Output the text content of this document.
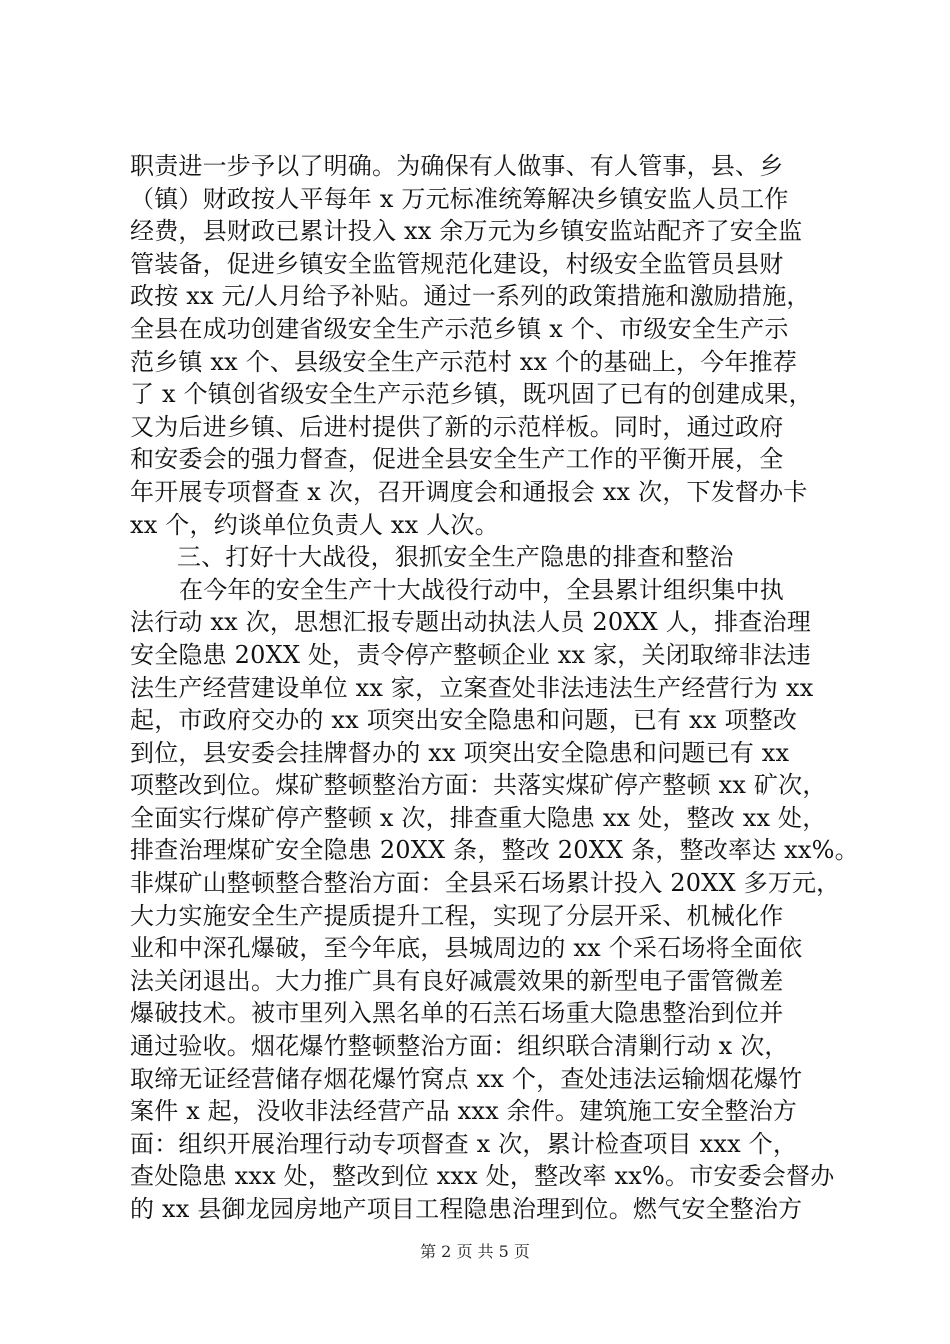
职责进一步予以了明确。为确保有人做事、有人管事，县、乡
（镇）财政按人平每年 x 万元标准统筹解决乡镇安监人员工作
经费，县财政已累计投入 xx 余万元为乡镇安监站配齐了安全监
管装备，促进乡镇安全监管规范化建设，村级安全监管员县财
政按 xx 元/人月给予补贴。通过一系列的政策措施和激励措施，
全县在成功创建省级安全生产示范乡镇 x 个、市级安全生产示
范乡镇 xx 个、县级安全生产示范村 xx 个的基础上，今年推荐
了 x 个镇创省级安全生产示范乡镇，既巩固了已有的创建成果，
又为后进乡镇、后进村提供了新的示范样板。同时，通过政府
和安委会的强力督查，促进全县安全生产工作的平衡开展，全
年开展专项督查 x 次，召开调度会和通报会 xx 次，下发督办卡
xx 个，约谈单位负责人 xx 人次。
三、打好十大战役，狠抓安全生产隐患的排查和整治
在今年的安全生产十大战役行动中，全县累计组织集中执
法行动 xx 次，思想汇报专题出动执法人员 20XX 人，排查治理
安全隐患 20XX 处，责令停产整顿企业 xx 家，关闭取缔非法违
法生产经营建设单位 xx 家，立案查处非法违法生产经营行为 xx
起，市政府交办的 xx 项突出安全隐患和问题，已有 xx 项整改
到位，县安委会挂牌督办的 xx 项突出安全隐患和问题已有 xx
项整改到位。煤矿整顿整治方面：共落实煤矿停产整顿 xx 矿次，
全面实行煤矿停产整顿 x 次，排查重大隐患 xx 处，整改 xx 处，
排查治理煤矿安全隐患 20XX 条，整改 20XX 条，整改率达 xx%。
非煤矿山整顿整合整治方面：全县采石场累计投入 20XX 多万元，
大力实施安全生产提质提升工程，实现了分层开采、机械化作
业和中深孔爆破，至今年底，县城周边的 xx 个采石场将全面依
法关闭退出。大力推广具有良好减震效果的新型电子雷管微差
爆破技术。被市里列入黑名单的石羔石场重大隐患整治到位并
通过验收。烟花爆竹整顿整治方面：组织联合清剿行动 x 次，
取缔无证经营储存烟花爆竹窝点 xx 个，查处违法运输烟花爆竹
案件 x 起，没收非法经营产品 xxx 余件。建筑施工安全整治方
面：组织开展治理行动专项督查 x 次，累计检查项目 xxx 个，
查处隐患 xxx 处，整改到位 xxx 处，整改率 xx%。市安委会督办
的 xx 县御龙园房地产项目工程隐患治理到位。燃气安全整治方
第 2 页 共 5 页
